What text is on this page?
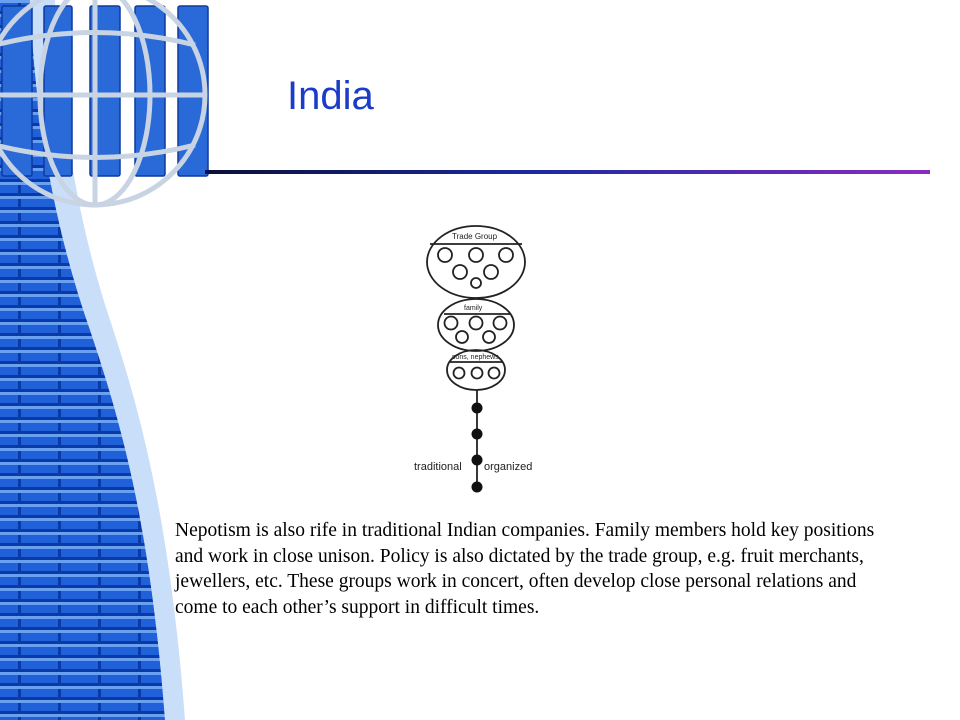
India
Trade Group
family
sons, nephews
traditional organized

Nepotism is also rife in traditional Indian companies. Family members hold key positions and work in close unison. Policy is also dictated by the trade group, e.g. fruit merchants, jewellers, etc. These groups work in concert, often develop close personal relations and come to each other’s support in difficult times.
